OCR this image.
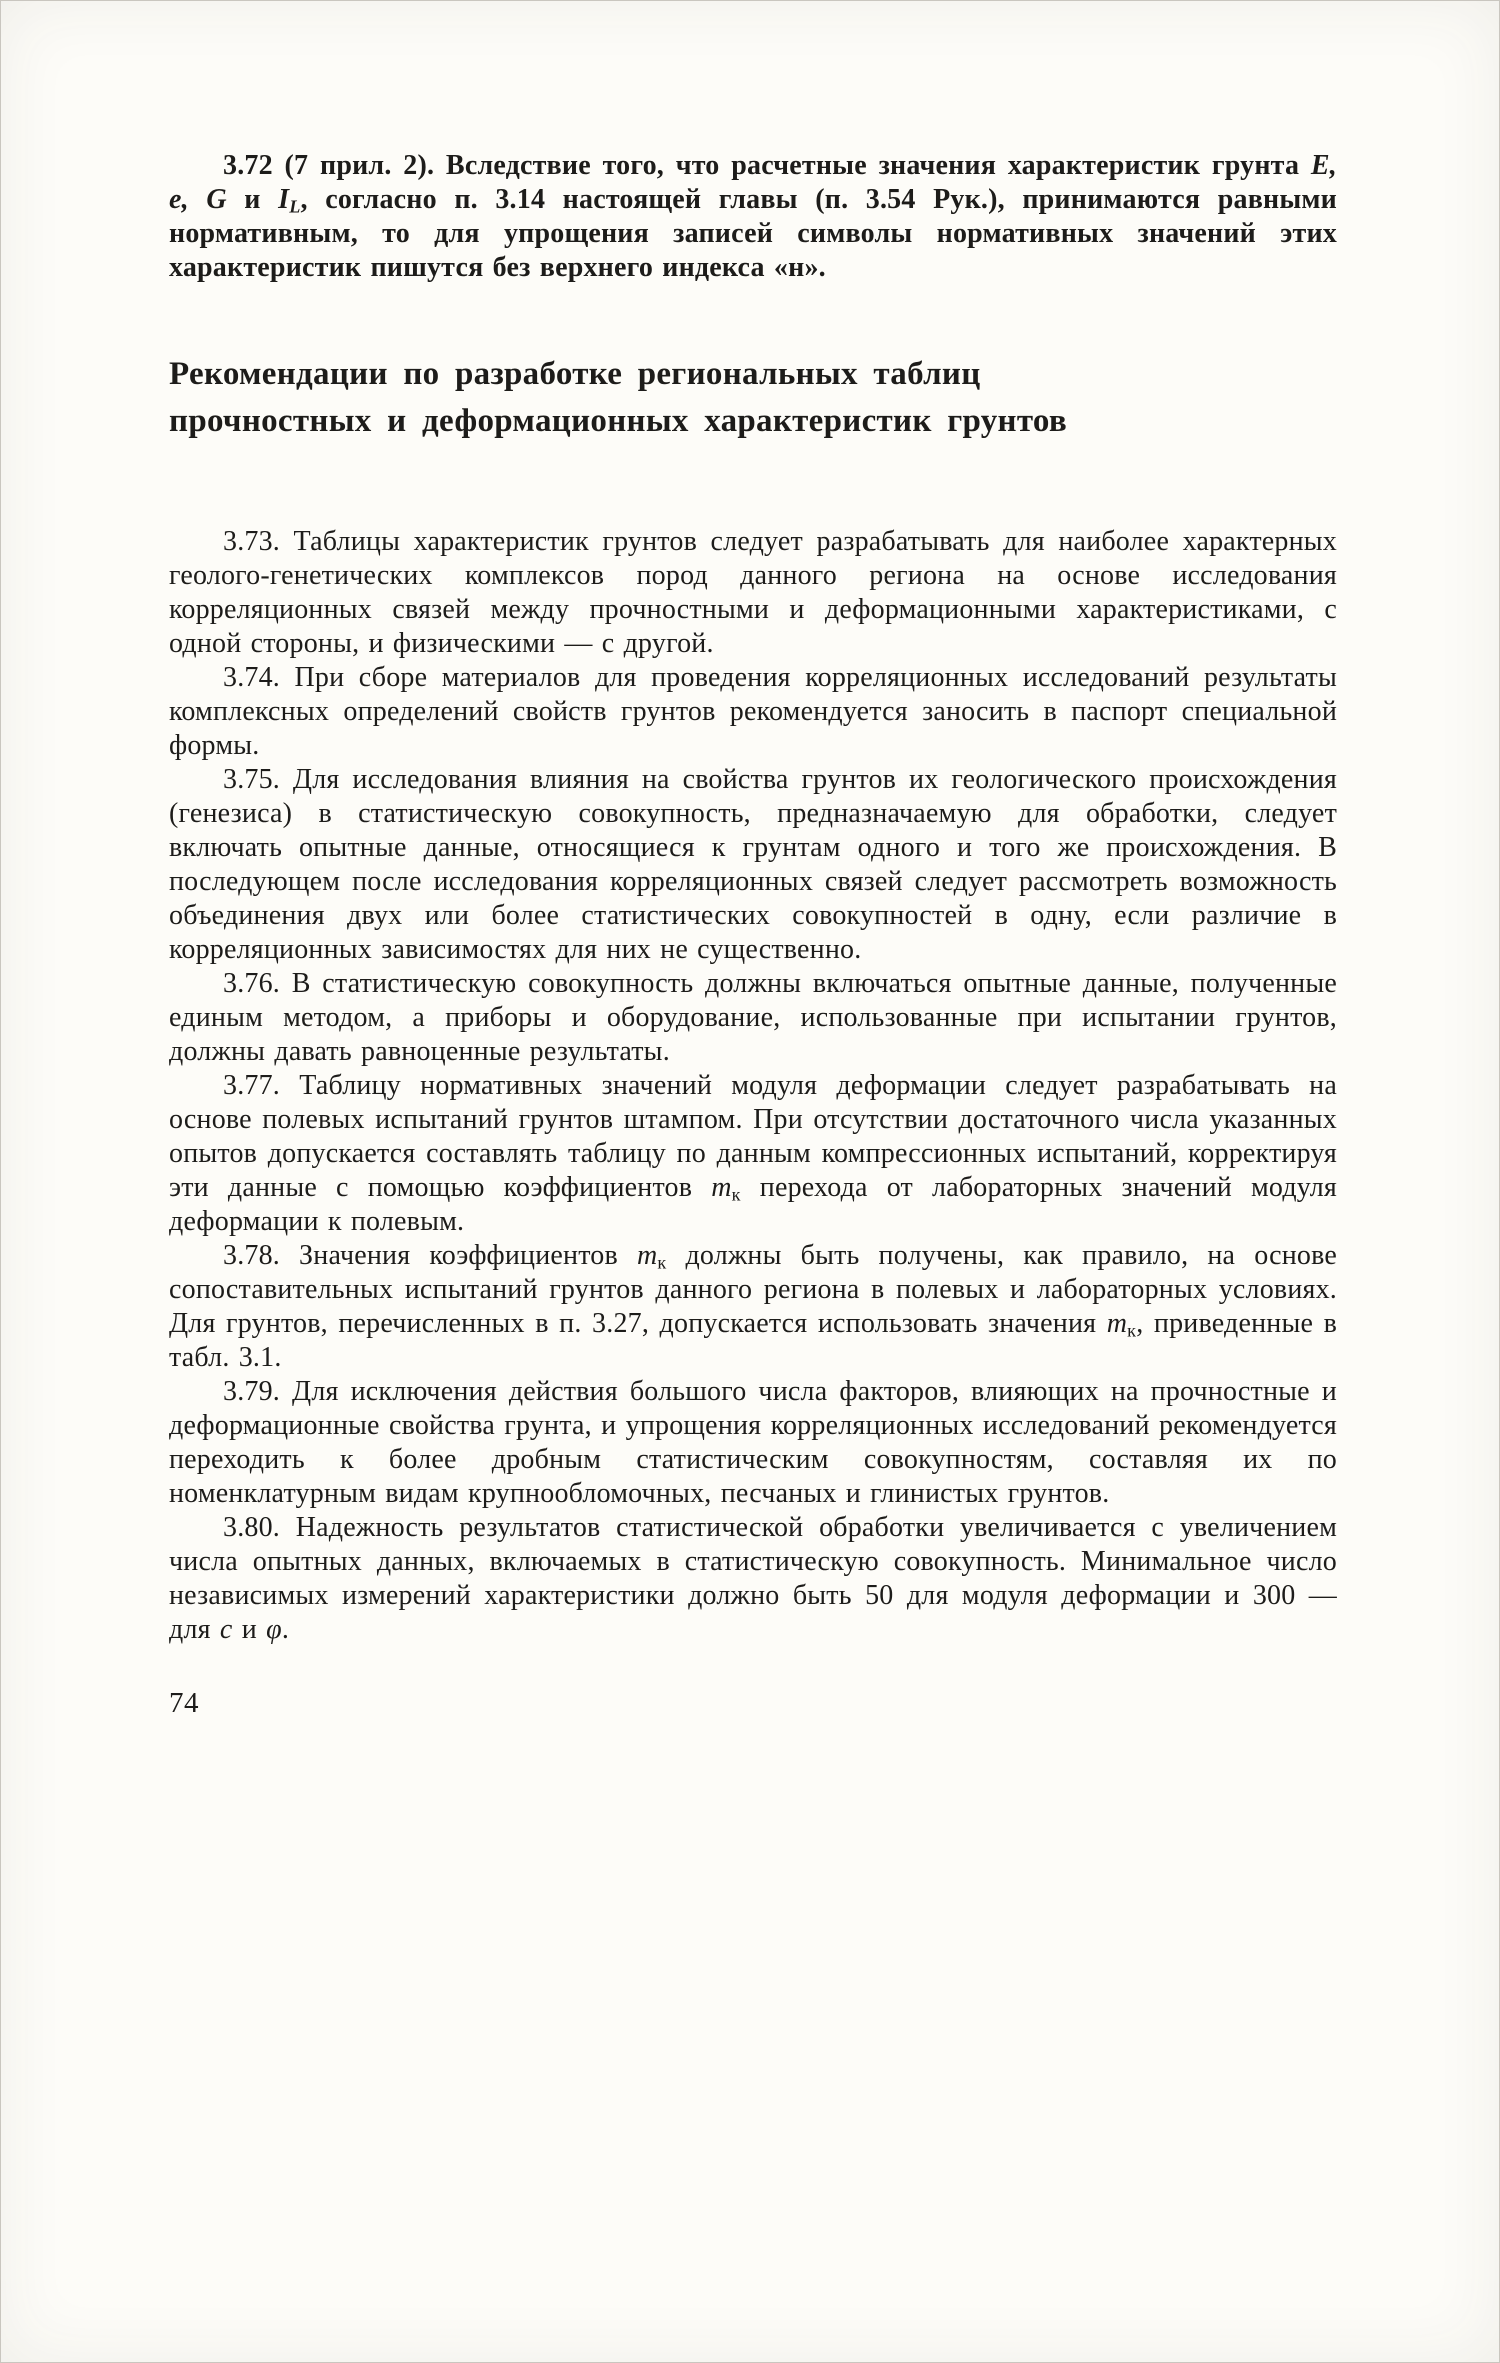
3.72 (7 прил. 2). Вследствие того, что расчетные значения характеристик грунта E, e, G и $I_L$, согласно п. 3.14 настоящей главы (п. 3.54 Рук.), принимаются равными нормативным, то для упрощения записей символы нормативных значений этих характеристик пишутся без верхнего индекса «н».

Рекомендации по разработке региональных таблиц
прочностных и деформационных характеристик грунтов

3.73. Таблицы характеристик грунтов следует разрабатывать для наиболее характерных геолого-генетических комплексов пород данного региона на основе исследования корреляционных связей между прочностными и деформационными характеристиками, с одной стороны, и физическими — с другой.

3.74. При сборе материалов для проведения корреляционных исследований результаты комплексных определений свойств грунтов рекомендуется заносить в паспорт специальной формы.

3.75. Для исследования влияния на свойства грунтов их геологического происхождения (генезиса) в статистическую совокупность, предназначаемую для обработки, следует включать опытные данные, относящиеся к грунтам одного и того же происхождения. В последующем после исследования корреляционных связей следует рассмотреть возможность объединения двух или более статистических совокупностей в одну, если различие в корреляционных зависимостях для них не существенно.

3.76. В статистическую совокупность должны включаться опытные данные, полученные единым методом, а приборы и оборудование, использованные при испытании грунтов, должны давать равноценные результаты.

3.77. Таблицу нормативных значений модуля деформации следует разрабатывать на основе полевых испытаний грунтов штампом. При отсутствии достаточного числа указанных опытов допускается составлять таблицу по данным компрессионных испытаний, корректируя эти данные с помощью коэффициентов $m_к$ перехода от лабораторных значений модуля деформации к полевым.

3.78. Значения коэффициентов $m_к$ должны быть получены, как правило, на основе сопоставительных испытаний грунтов данного региона в полевых и лабораторных условиях. Для грунтов, перечисленных в п. 3.27, допускается использовать значения $m_к$, приведенные в табл. 3.1.

3.79. Для исключения действия большого числа факторов, влияющих на прочностные и деформационные свойства грунта, и упрощения корреляционных исследований рекомендуется переходить к более дробным статистическим совокупностям, составляя их по номенклатурным видам крупнообломочных, песчаных и глинистых грунтов.

3.80. Надежность результатов статистической обработки увеличивается с увеличением числа опытных данных, включаемых в статистическую совокупность. Минимальное число независимых измерений характеристики должно быть 50 для модуля деформации и 300 — для c и φ.

74
